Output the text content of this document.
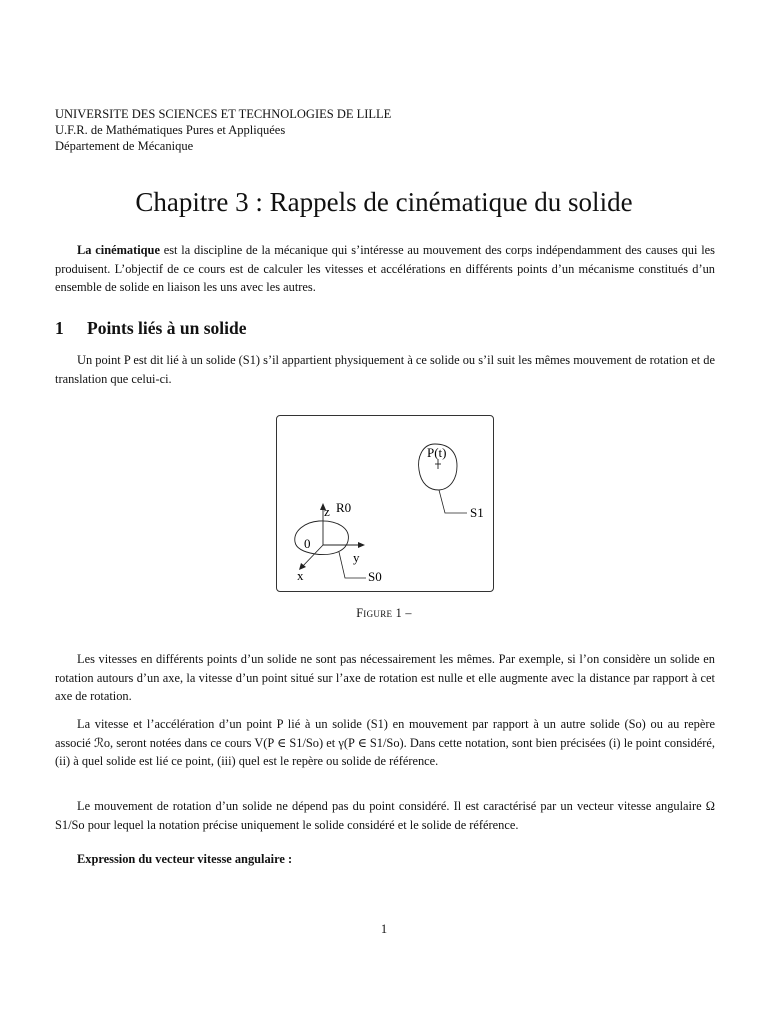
UNIVERSITE DES SCIENCES ET TECHNOLOGIES DE LILLE
U.F.R. de Mathématiques Pures et Appliquées
Département de Mécanique
Chapitre 3 : Rappels de cinématique du solide
La cinématique est la discipline de la mécanique qui s’intéresse au mouvement des corps indépendamment des causes qui les produisent. L’objectif de ce cours est de calculer les vitesses et accélérations en différents points d’un mécanisme constitués d’un ensemble de solide en liaison les uns avec les autres.
1 Points liés à un solide
Un point P est dit lié à un solide (S1) s’il appartient physiquement à ce solide ou s’il suit les mêmes mouvement de rotation et de translation que celui-ci.
P(t)
S1
z R0
0
y
x	S0
Figure 1 –
Les vitesses en différents points d’un solide ne sont pas nécessairement les mêmes. Par exemple, si l’on considère un solide en rotation autours d’un axe, la vitesse d’un point situé sur l’axe de rotation est nulle et elle augmente avec la distance par rapport à cet axe de rotation.
La vitesse et l’accélération d’un point P lié à un solide (S1) en mouvement par rapport à un autre solide (So) ou au repère associé ℛo, seront notées dans ce cours V(P ∈ S1/So) et γ(P ∈ S1/So). Dans cette notation, sont bien précisées (i) le point considéré, (ii) à quel solide est lié ce point, (iii) quel est le repère ou solide de référence.
Le mouvement de rotation d’un solide ne dépend pas du point considéré. Il est caractérisé par un vecteur vitesse angulaire Ω S1/So pour lequel la notation précise uniquement le solide considéré et le solide de référence.
Expression du vecteur vitesse angulaire :
1
